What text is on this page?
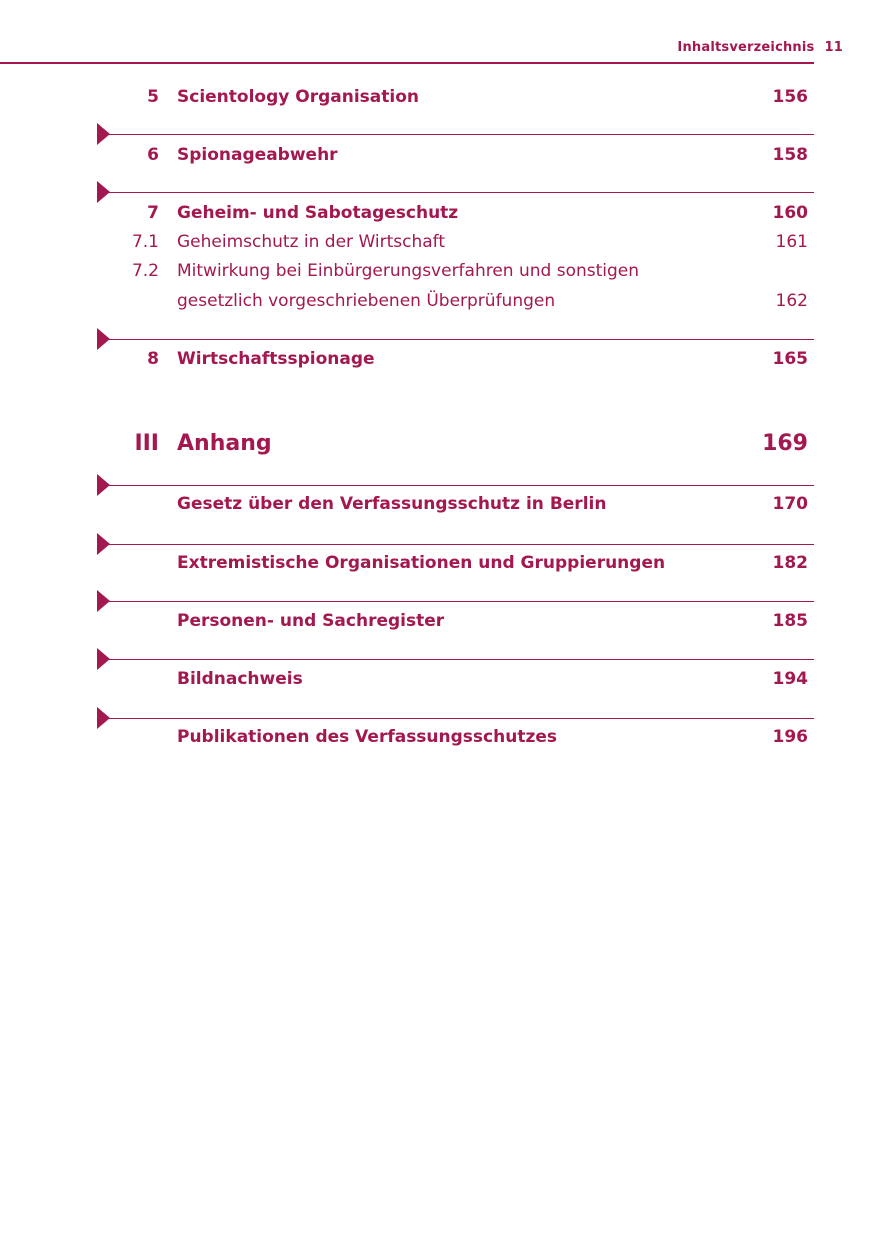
Inhaltsverzeichnis 11
5 Scientology Organisation	156
6 Spionageabwehr	158
7 Geheim- und Sabotageschutz	160
7.1 Geheimschutz in der Wirtschaft	161
7.2 Mitwirkung bei Einbürgerungsverfahren und sonstigen
gesetzlich vorgeschriebenen Überprüfungen	162
8 Wirtschaftsspionage	165
III Anhang	169
Gesetz über den Verfassungsschutz in Berlin	170
Extremistische Organisationen und Gruppierungen	182
Personen- und Sachregister	185
Bildnachweis	194
Publikationen des Verfassungsschutzes	196
